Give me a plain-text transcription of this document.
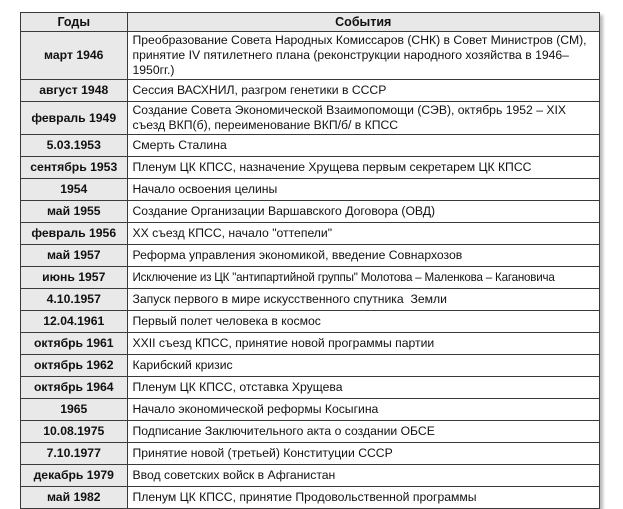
Годы	События
март 1946	Преобразование Совета Народных Комиссаров (СНК) в Совет Министров (СМ), принятие IV пятилетнего плана (реконструкции народного хозяйства в 1946–1950гг.)
август 1948	Сессия ВАСХНИЛ, разгром генетики в СССР
февраль 1949	Создание Совета Экономической Взаимопомощи (СЭВ), октябрь 1952 – XIX съезд ВКП(б), переименование ВКП/б/ в КПСС
5.03.1953	Смерть Сталина
сентябрь 1953	Пленум ЦК КПСС, назначение Хрущева первым секретарем ЦК КПСС
1954	Начало освоения целины
май 1955	Создание Организации Варшавского Договора (ОВД)
февраль 1956	XX съезд КПСС, начало "оттепели"
май 1957	Реформа управления экономикой, введение Совнархозов
июнь 1957	Исключение из ЦК "антипартийной группы" Молотова – Маленкова – Кагановича
4.10.1957	Запуск первого в мире искусственного спутника  Земли
12.04.1961	Первый полет человека в космос
октябрь 1961	XXII съезд КПСС, принятие новой программы партии
октябрь 1962	Карибский кризис
октябрь 1964	Пленум ЦК КПСС, отставка Хрущева
1965	Начало экономической реформы Косыгина
10.08.1975	Подписание Заключительного акта о создании ОБСЕ
7.10.1977	Принятие новой (третьей) Конституции СССР
декабрь 1979	Ввод советских войск в Афганистан
май 1982	Пленум ЦК КПСС, принятие Продовольственной программы
